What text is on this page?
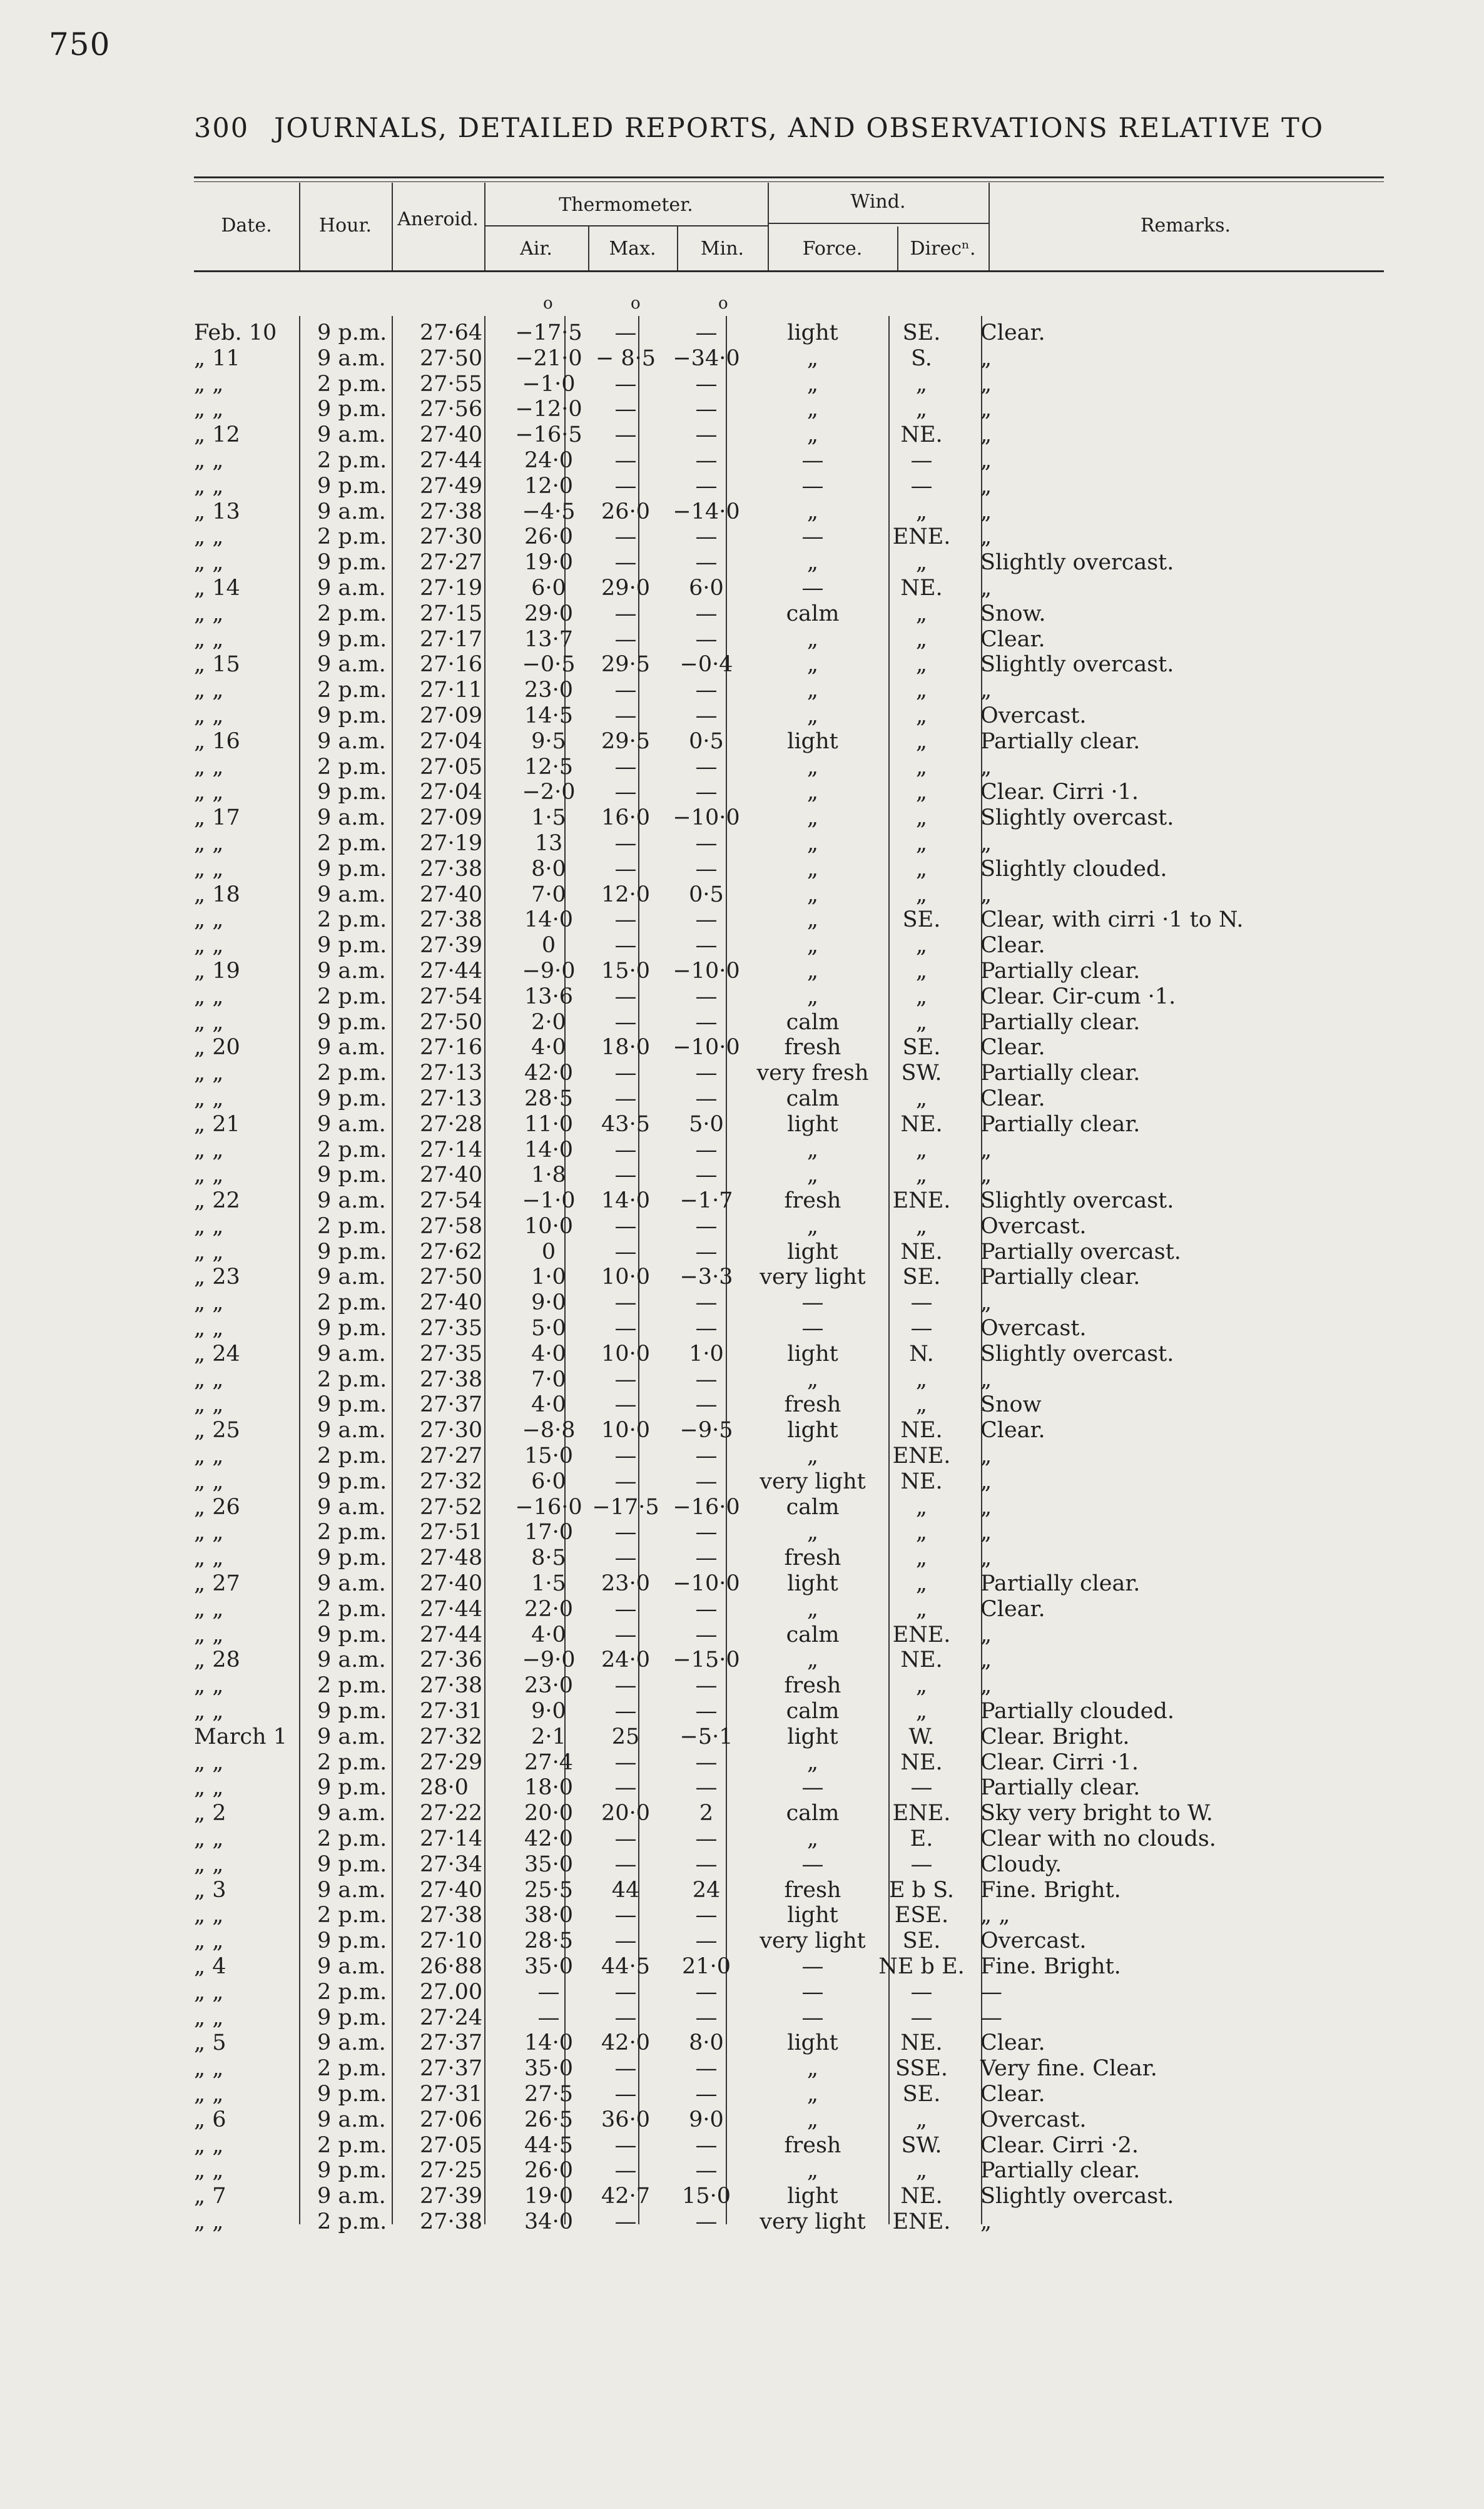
750
300 JOURNALS, DETAILED REPORTS, AND OBSERVATIONS RELATIVE TO
Date.	Hour.	Aneroid.
Thermometer.
Air.	Max.	Min.
Wind.
Force.	Direcⁿ.
Remarks.
o	o	o
Feb. 10	9 p.m.	27·64	−17·5	—	—	light	SE.	Clear.
„ 11	9 a.m.	27·50	−21·0	− 8·5	−34·0	„	S.	„
„ „	2 p.m.	27·55	−1·0	—	—	„	„	„
„ „	9 p.m.	27·56	−12·0	—	—	„	„	„
„ 12	9 a.m.	27·40	−16·5	—	—	„	NE.	„
„ „	2 p.m.	27·44	24·0	—	—	—	—	„
„ „	9 p.m.	27·49	12·0	—	—	—	—	„
„ 13	9 a.m.	27·38	−4·5	26·0	−14·0	„	„	„
„ „	2 p.m.	27·30	26·0	—	—	—	ENE.	„
„ „	9 p.m.	27·27	19·0	—	—	„	„	Slightly overcast.
„ 14	9 a.m.	27·19	6·0	29·0	6·0	—	NE.	„
„ „	2 p.m.	27·15	29·0	—	—	calm	„	Snow.
„ „	9 p.m.	27·17	13·7	—	—	„	„	Clear.
„ 15	9 a.m.	27·16	−0·5	29·5	−0·4	„	„	Slightly overcast.
„ „	2 p.m.	27·11	23·0	—	—	„	„	„
„ „	9 p.m.	27·09	14·5	—	—	„	„	Overcast.
„ 16	9 a.m.	27·04	9·5	29·5	0·5	light	„	Partially clear.
„ „	2 p.m.	27·05	12·5	—	—	„	„	„
„ „	9 p.m.	27·04	−2·0	—	—	„	„	Clear. Cirri ·1.
„ 17	9 a.m.	27·09	1·5	16·0	−10·0	„	„	Slightly overcast.
„ „	2 p.m.	27·19	13	—	—	„	„	„
„ „	9 p.m.	27·38	8·0	—	—	„	„	Slightly clouded.
„ 18	9 a.m.	27·40	7·0	12·0	0·5	„	„	„
„ „	2 p.m.	27·38	14·0	—	—	„	SE.	Clear, with cirri ·1 to N.
„ „	9 p.m.	27·39	0	—	—	„	„	Clear.
„ 19	9 a.m.	27·44	−9·0	15·0	−10·0	„	„	Partially clear.
„ „	2 p.m.	27·54	13·6	—	—	„	„	Clear. Cir-cum ·1.
„ „	9 p.m.	27·50	2·0	—	—	calm	„	Partially clear.
„ 20	9 a.m.	27·16	4·0	18·0	−10·0	fresh	SE.	Clear.
„ „	2 p.m.	27·13	42·0	—	—	very fresh	SW.	Partially clear.
„ „	9 p.m.	27·13	28·5	—	—	calm	„	Clear.
„ 21	9 a.m.	27·28	11·0	43·5	5·0	light	NE.	Partially clear.
„ „	2 p.m.	27·14	14·0	—	—	„	„	„
„ „	9 p.m.	27·40	1·8	—	—	„	„	„
„ 22	9 a.m.	27·54	−1·0	14·0	−1·7	fresh	ENE.	Slightly overcast.
„ „	2 p.m.	27·58	10·0	—	—	„	„	Overcast.
„ „	9 p.m.	27·62	0	—	—	light	NE.	Partially overcast.
„ 23	9 a.m.	27·50	1·0	10·0	−3·3	very light	SE.	Partially clear.
„ „	2 p.m.	27·40	9·0	—	—	—	—	„
„ „	9 p.m.	27·35	5·0	—	—	—	—	Overcast.
„ 24	9 a.m.	27·35	4·0	10·0	1·0	light	N.	Slightly overcast.
„ „	2 p.m.	27·38	7·0	—	—	„	„	„
„ „	9 p.m.	27·37	4·0	—	—	fresh	„	Snow
„ 25	9 a.m.	27·30	−8·8	10·0	−9·5	light	NE.	Clear.
„ „	2 p.m.	27·27	15·0	—	—	„	ENE.	„
„ „	9 p.m.	27·32	6·0	—	—	very light	NE.	„
„ 26	9 a.m.	27·52	−16·0	−17·5	−16·0	calm	„	„
„ „	2 p.m.	27·51	17·0	—	—	„	„	„
„ „	9 p.m.	27·48	8·5	—	—	fresh	„	„
„ 27	9 a.m.	27·40	1·5	23·0	−10·0	light	„	Partially clear.
„ „	2 p.m.	27·44	22·0	—	—	„	„	Clear.
„ „	9 p.m.	27·44	4·0	—	—	calm	ENE.	„
„ 28	9 a.m.	27·36	−9·0	24·0	−15·0	„	NE.	„
„ „	2 p.m.	27·38	23·0	—	—	fresh	„	„
„ „	9 p.m.	27·31	9·0	—	—	calm	„	Partially clouded.
March 1	9 a.m.	27·32	2·1	25	−5·1	light	W.	Clear. Bright.
„ „	2 p.m.	27·29	27·4	—	—	„	NE.	Clear. Cirri ·1.
„ „	9 p.m.	28·0	18·0	—	—	—	—	Partially clear.
„ 2	9 a.m.	27·22	20·0	20·0	2	calm	ENE.	Sky very bright to W.
„ „	2 p.m.	27·14	42·0	—	—	„	E.	Clear with no clouds.
„ „	9 p.m.	27·34	35·0	—	—	—	—	Cloudy.
„ 3	9 a.m.	27·40	25·5	44	24	fresh	E b S.	Fine. Bright.
„ „	2 p.m.	27·38	38·0	—	—	light	ESE.	„ „
„ „	9 p.m.	27·10	28·5	—	—	very light	SE.	Overcast.
„ 4	9 a.m.	26·88	35·0	44·5	21·0	—	NE b E.	Fine. Bright.
„ „	2 p.m.	27.00	—	—	—	—	—	—
„ „	9 p.m.	27·24	—	—	—	—	—	—
„ 5	9 a.m.	27·37	14·0	42·0	8·0	light	NE.	Clear.
„ „	2 p.m.	27·37	35·0	—	—	„	SSE.	Very fine. Clear.
„ „	9 p.m.	27·31	27·5	—	—	„	SE.	Clear.
„ 6	9 a.m.	27·06	26·5	36·0	9·0	„	„	Overcast.
„ „	2 p.m.	27·05	44·5	—	—	fresh	SW.	Clear. Cirri ·2.
„ „	9 p.m.	27·25	26·0	—	—	„	„	Partially clear.
„ 7	9 a.m.	27·39	19·0	42·7	15·0	light	NE.	Slightly overcast.
„ „	2 p.m.	27·38	34·0	—	—	very light	ENE.	„
